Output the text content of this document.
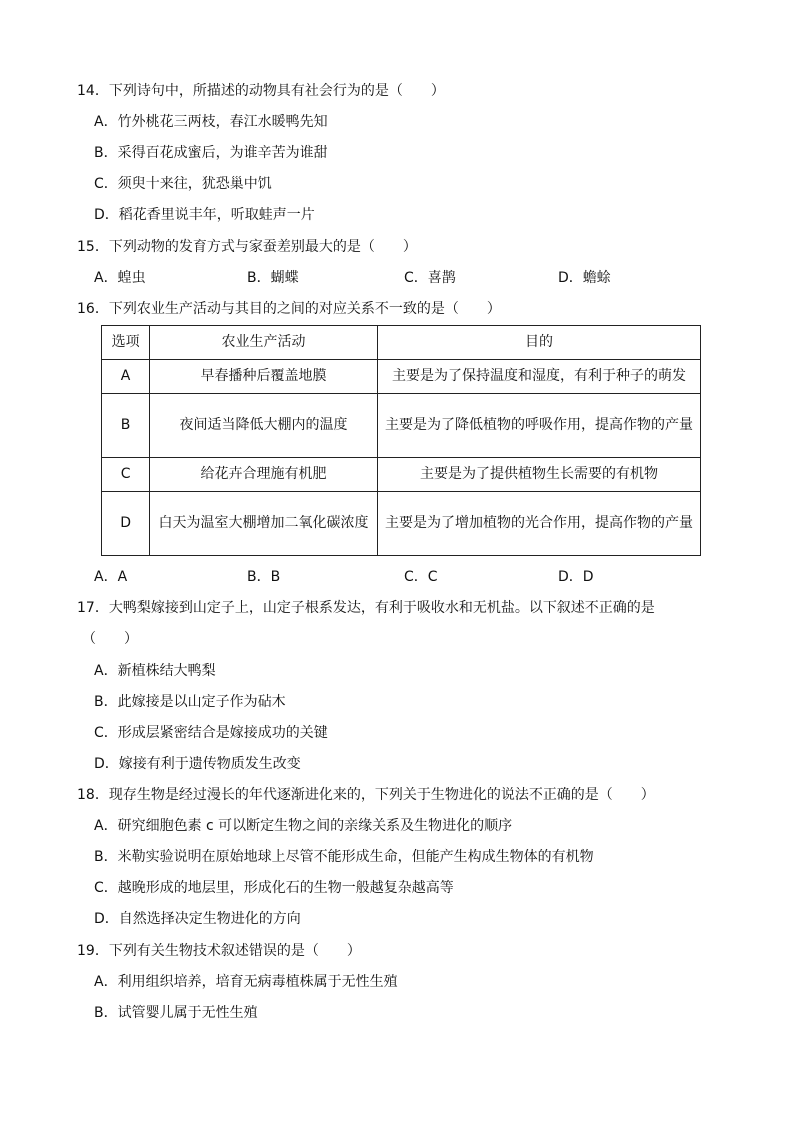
14．下列诗句中，所描述的动物具有社会行为的是（　　）
A．竹外桃花三两枝，春江水暖鸭先知
B．采得百花成蜜后，为谁辛苦为谁甜
C．须臾十来往，犹恐巢中饥
D．稻花香里说丰年，听取蛙声一片
15．下列动物的发育方式与家蚕差别最大的是（　　）
A．蝗虫	B．蝴蝶	C．喜鹊	D．蟾蜍
16．下列农业生产活动与其目的之间的对应关系不一致的是（　　）
选项	农业生产活动	目的
A	早春播种后覆盖地膜	主要是为了保持温度和湿度，有利于种子的萌发
B	夜间适当降低大棚内的温度	主要是为了降低植物的呼吸作用，提高作物的产量
C	给花卉合理施有机肥	主要是为了提供植物生长需要的有机物
D	白天为温室大棚增加二氧化碳浓度	主要是为了增加植物的光合作用，提高作物的产量
A．A	B．B	C．C	D．D
17．大鸭梨嫁接到山定子上，山定子根系发达，有利于吸收水和无机盐。以下叙述不正确的是
（　　）
A．新植株结大鸭梨
B．此嫁接是以山定子作为砧木
C．形成层紧密结合是嫁接成功的关键
D．嫁接有利于遗传物质发生改变
18．现存生物是经过漫长的年代逐渐进化来的，下列关于生物进化的说法不正确的是（　　）
A．研究细胞色素 c 可以断定生物之间的亲缘关系及生物进化的顺序
B．米勒实验说明在原始地球上尽管不能形成生命，但能产生构成生物体的有机物
C．越晚形成的地层里，形成化石的生物一般越复杂越高等
D．自然选择决定生物进化的方向
19．下列有关生物技术叙述错误的是（　　）
A．利用组织培养，培育无病毒植株属于无性生殖
B．试管婴儿属于无性生殖
